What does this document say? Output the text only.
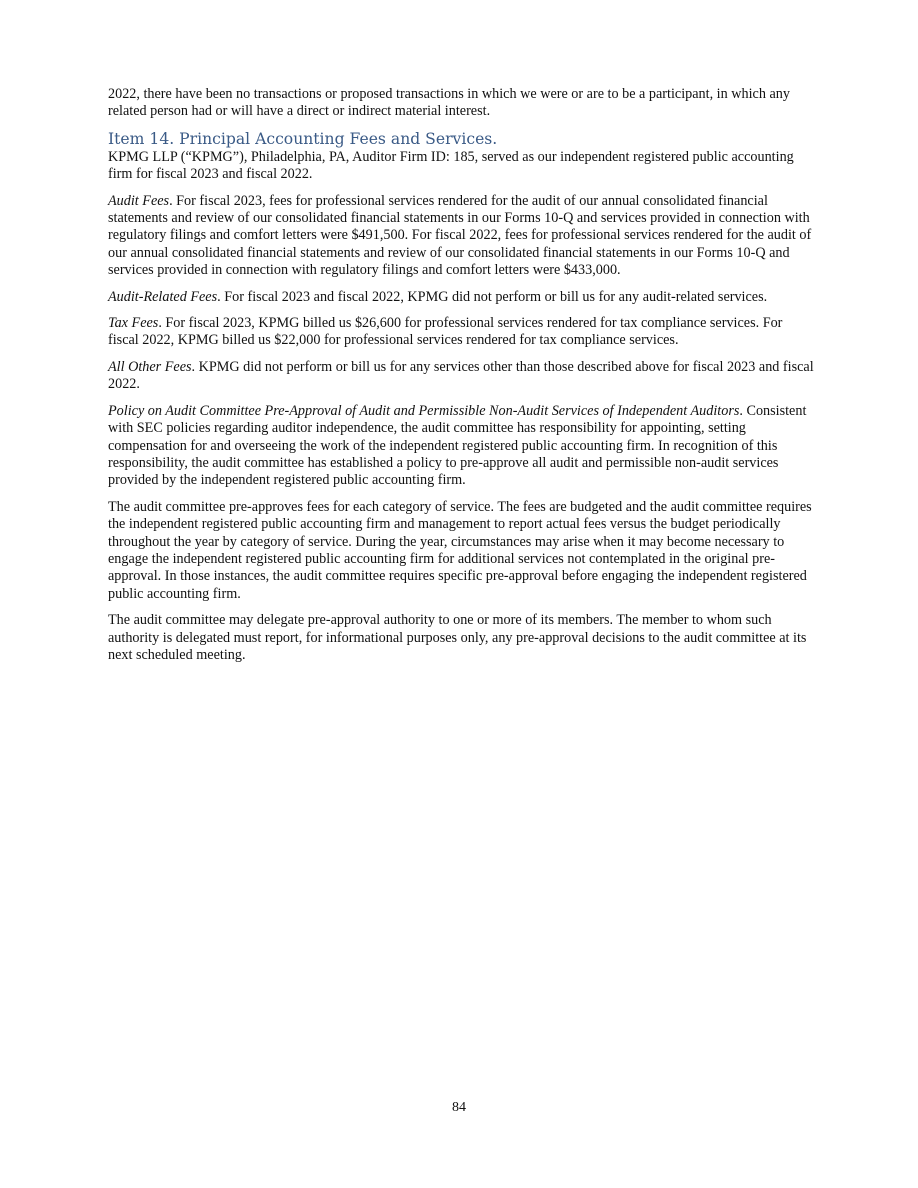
2022, there have been no transactions or proposed transactions in which we were or are to be a participant, in which any related person had or will have a direct or indirect material interest.

Item 14. Principal Accounting Fees and Services.

KPMG LLP (“KPMG”), Philadelphia, PA, Auditor Firm ID: 185, served as our independent registered public accounting firm for fiscal 2023 and fiscal 2022.

Audit Fees. For fiscal 2023, fees for professional services rendered for the audit of our annual consolidated financial statements and review of our consolidated financial statements in our Forms 10-Q and services provided in connection with regulatory filings and comfort letters were $491,500. For fiscal 2022, fees for professional services rendered for the audit of our annual consolidated financial statements and review of our consolidated financial statements in our Forms 10-Q and services provided in connection with regulatory filings and comfort letters were $433,000.

Audit-Related Fees. For fiscal 2023 and fiscal 2022, KPMG did not perform or bill us for any audit-related services.

Tax Fees. For fiscal 2023, KPMG billed us $26,600 for professional services rendered for tax compliance services. For fiscal 2022, KPMG billed us $22,000 for professional services rendered for tax compliance services.

All Other Fees. KPMG did not perform or bill us for any services other than those described above for fiscal 2023 and fiscal 2022.

Policy on Audit Committee Pre-Approval of Audit and Permissible Non-Audit Services of Independent Auditors. Consistent with SEC policies regarding auditor independence, the audit committee has responsibility for appointing, setting compensation for and overseeing the work of the independent registered public accounting firm. In recognition of this responsibility, the audit committee has established a policy to pre-approve all audit and permissible non-audit services provided by the independent registered public accounting firm.

The audit committee pre-approves fees for each category of service. The fees are budgeted and the audit committee requires the independent registered public accounting firm and management to report actual fees versus the budget periodically throughout the year by category of service. During the year, circumstances may arise when it may become necessary to engage the independent registered public accounting firm for additional services not contemplated in the original pre-approval. In those instances, the audit committee requires specific pre-approval before engaging the independent registered public accounting firm.

The audit committee may delegate pre-approval authority to one or more of its members. The member to whom such authority is delegated must report, for informational purposes only, any pre-approval decisions to the audit committee at its next scheduled meeting.

84
